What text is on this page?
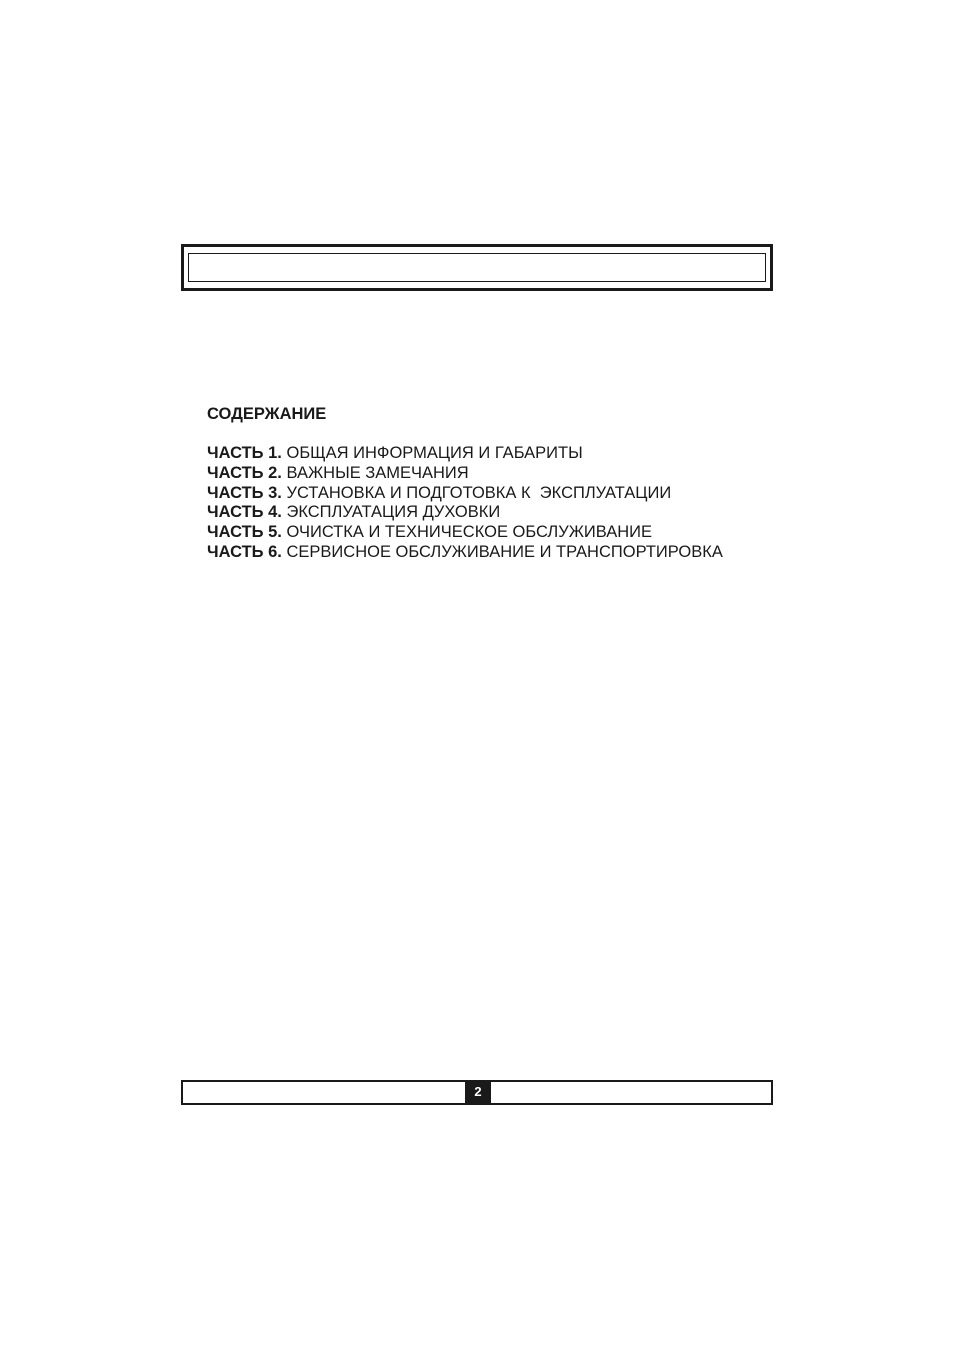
СОДЕРЖАНИЕ
ЧАСТЬ 1. ОБЩАЯ ИНФОРМАЦИЯ И ГАБАРИТЫ
ЧАСТЬ 2. ВАЖНЫЕ ЗАМЕЧАНИЯ
ЧАСТЬ 3. УСТАНОВКА И ПОДГОТОВКА К  ЭКСПЛУАТАЦИИ
ЧАСТЬ 4. ЭКСПЛУАТАЦИЯ ДУХОВКИ
ЧАСТЬ 5. ОЧИСТКА И ТЕХНИЧЕСКОЕ ОБСЛУЖИВАНИЕ
ЧАСТЬ 6. СЕРВИСНОЕ ОБСЛУЖИВАНИЕ И ТРАНСПОРТИРОВКА
2
